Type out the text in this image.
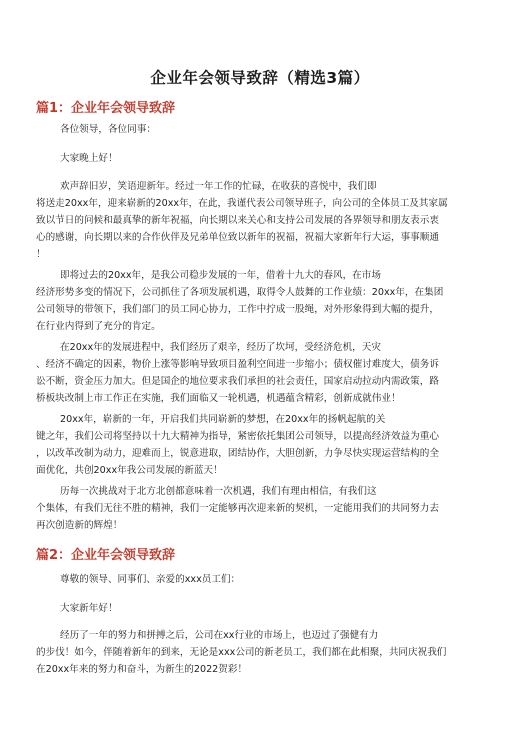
企业年会领导致辞（精选3篇）
篇1：企业年会领导致辞
各位领导，各位同事：
大家晚上好！
欢声辞旧岁，笑语迎新年。经过一年工作的忙碌，在收获的喜悦中，我们即
将送走20xx年，迎来崭新的20xx年，在此，我谨代表公司领导班子，向公司的全体员工及其家属
致以节日的问候和最真挚的新年祝福，向长期以来关心和支持公司发展的各界领导和朋友表示衷
心的感谢，向长期以来的合作伙伴及兄弟单位致以新年的祝福，祝福大家新年行大运，事事顺通
！
即将过去的20xx年，是我公司稳步发展的一年，借着十九大的春风，在市场
经济形势多变的情况下，公司抓住了各项发展机遇，取得令人鼓舞的工作业绩：20xx年，在集团
公司领导的带领下，我们部门的员工同心协力，工作中拧成一股绳，对外形象得到大幅的提升，
在行业内得到了充分的肯定。
在20xx年的发展进程中，我们经历了艰辛，经历了坎坷，受经济危机，天灾
、经济不确定的因素，物价上涨等影响导致项目盈利空间进一步缩小；债权催讨难度大，债务诉
讼不断，资金压力加大。但是国企的地位要求我们承担的社会责任，国家启动拉动内需政策，路
桥板块改制上市工作正在实施，我们面临又一轮机遇，机遇蕴含精彩，创新成就伟业！
20xx年，崭新的一年，开启我们共同崭新的梦想，在20xx年的扬帆起航的关
键之年，我们公司将坚持以十九大精神为指导，紧密依托集团公司领导，以提高经济效益为重心
，以改革改制为动力，迎难而上，锐意进取，团结协作，大胆创新，力争尽快实现运营结构的全
面优化，共创20xx年我公司发展的新蓝天！
历每一次挑战对于北方北创都意味着一次机遇，我们有理由相信，有我们这
个集体，有我们无往不胜的精神，我们一定能够再次迎来新的契机，一定能用我们的共同努力去
再次创造新的辉煌！
篇2：企业年会领导致辞
尊敬的领导、同事们、亲爱的xxx员工们：
大家新年好！
经历了一年的努力和拼搏之后，公司在xx行业的市场上，也迈过了强健有力
的步伐！如今，伴随着新年的到来，无论是xxx公司的新老员工，我们都在此相聚，共同庆祝我们
在20xx年来的努力和奋斗，为新生的2022贺彩！
